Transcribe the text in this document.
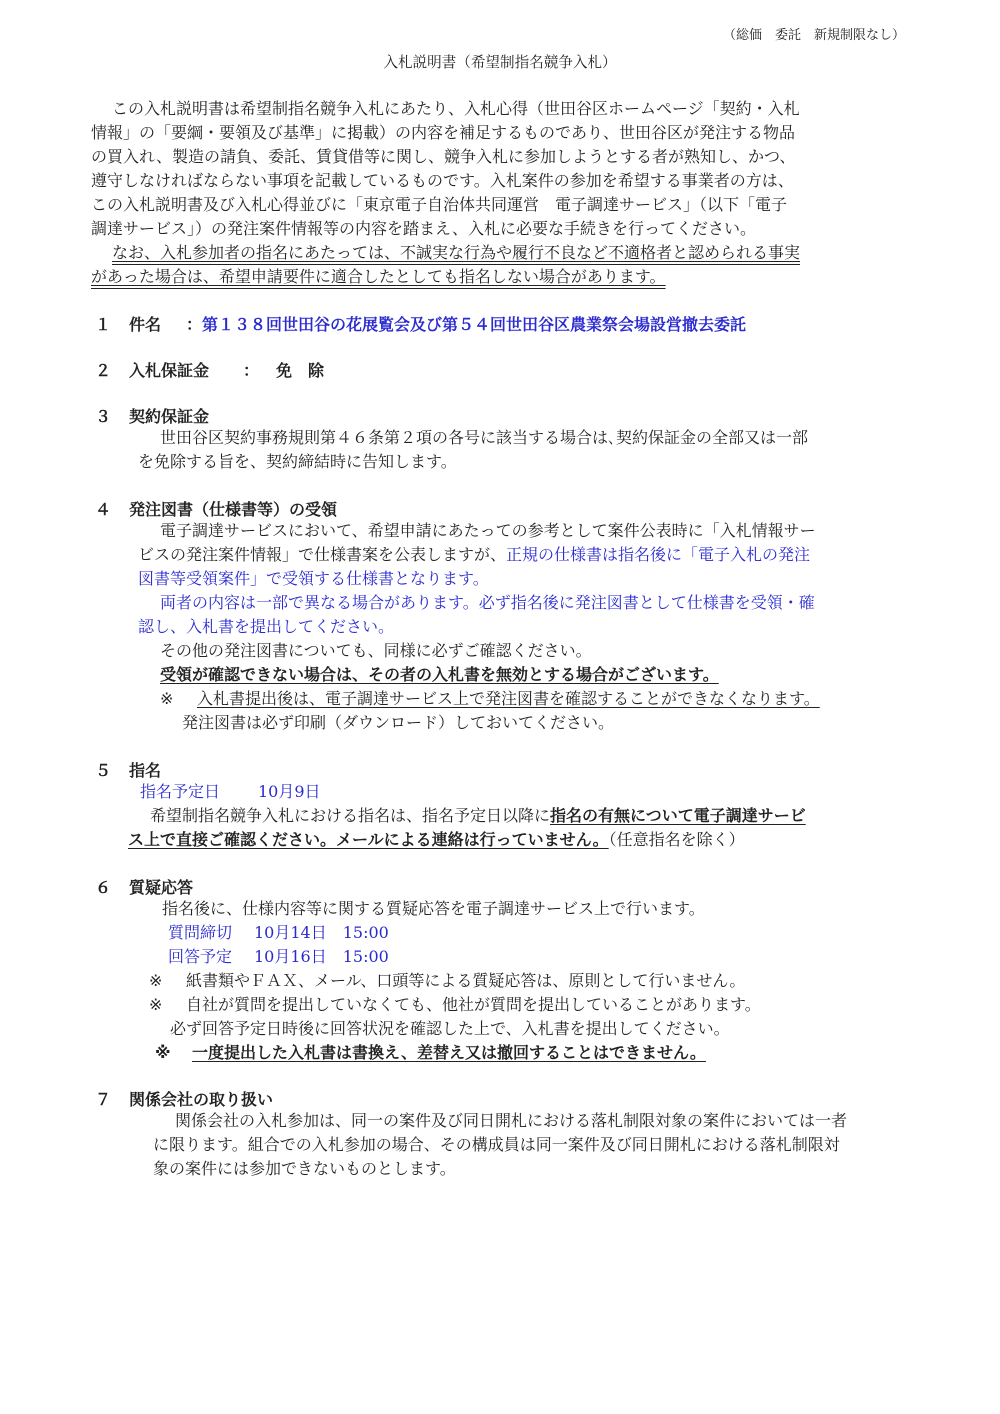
（総価　委託　新規制限なし）
入札説明書（希望制指名競争入札）
この入札説明書は希望制指名競争入札にあたり、入札心得（世田谷区ホームページ「契約・入札
情報」の「要綱・要領及び基準」に掲載）の内容を補足するものであり、世田谷区が発注する物品
の買入れ、製造の請負、委託、賃貸借等に関し、競争入札に参加しようとする者が熟知し、かつ、
遵守しなければならない事項を記載しているものです。入札案件の参加を希望する事業者の方は、
この入札説明書及び入札心得並びに「東京電子自治体共同運営　電子調達サービス」（以下「電子
調達サービス」）の発注案件情報等の内容を踏まえ、入札に必要な手続きを行ってください。
なお、入札参加者の指名にあたっては、不誠実な行為や履行不良など不適格者と認められる事実
があった場合は、希望申請要件に適合したとしても指名しない場合があります。
１ 件名 ： 第１３８回世田谷の花展覧会及び第５４回世田谷区農業祭会場設営撤去委託
２ 入札保証金 ： 免　除
３ 契約保証金
世田谷区契約事務規則第４６条第２項の各号に該当する場合は､契約保証金の全部又は一部
を免除する旨を、契約締結時に告知します。
４ 発注図書（仕様書等）の受領
電子調達サービスにおいて、希望申請にあたっての参考として案件公表時に「入札情報サー
ビスの発注案件情報」で仕様書案を公表しますが、正規の仕様書は指名後に「電子入札の発注
図書等受領案件」で受領する仕様書となります。
両者の内容は一部で異なる場合があります。必ず指名後に発注図書として仕様書を受領・確
認し、入札書を提出してください。
その他の発注図書についても、同様に必ずご確認ください。
受領が確認できない場合は、その者の入札書を無効とする場合がございます。
※ 入札書提出後は、電子調達サービス上で発注図書を確認することができなくなります。
発注図書は必ず印刷（ダウンロード）しておいてください。
５ 指名
指名予定日 10月9日
希望制指名競争入札における指名は、指名予定日以降に指名の有無について電子調達サービ
ス上で直接ご確認ください。メールによる連絡は行っていません。（任意指名を除く）
６ 質疑応答
指名後に、仕様内容等に関する質疑応答を電子調達サービス上で行います。
質問締切 10月14日　15:00
回答予定 10月16日　15:00
※ 紙書類やＦＡＸ、メール、口頭等による質疑応答は、原則として行いません。
※ 自社が質問を提出していなくても、他社が質問を提出していることがあります。
必ず回答予定日時後に回答状況を確認した上で、入札書を提出してください。
※ 一度提出した入札書は書換え、差替え又は撤回することはできません。
７ 関係会社の取り扱い
関係会社の入札参加は、同一の案件及び同日開札における落札制限対象の案件においては一者
に限ります。組合での入札参加の場合、その構成員は同一案件及び同日開札における落札制限対
象の案件には参加できないものとします。
